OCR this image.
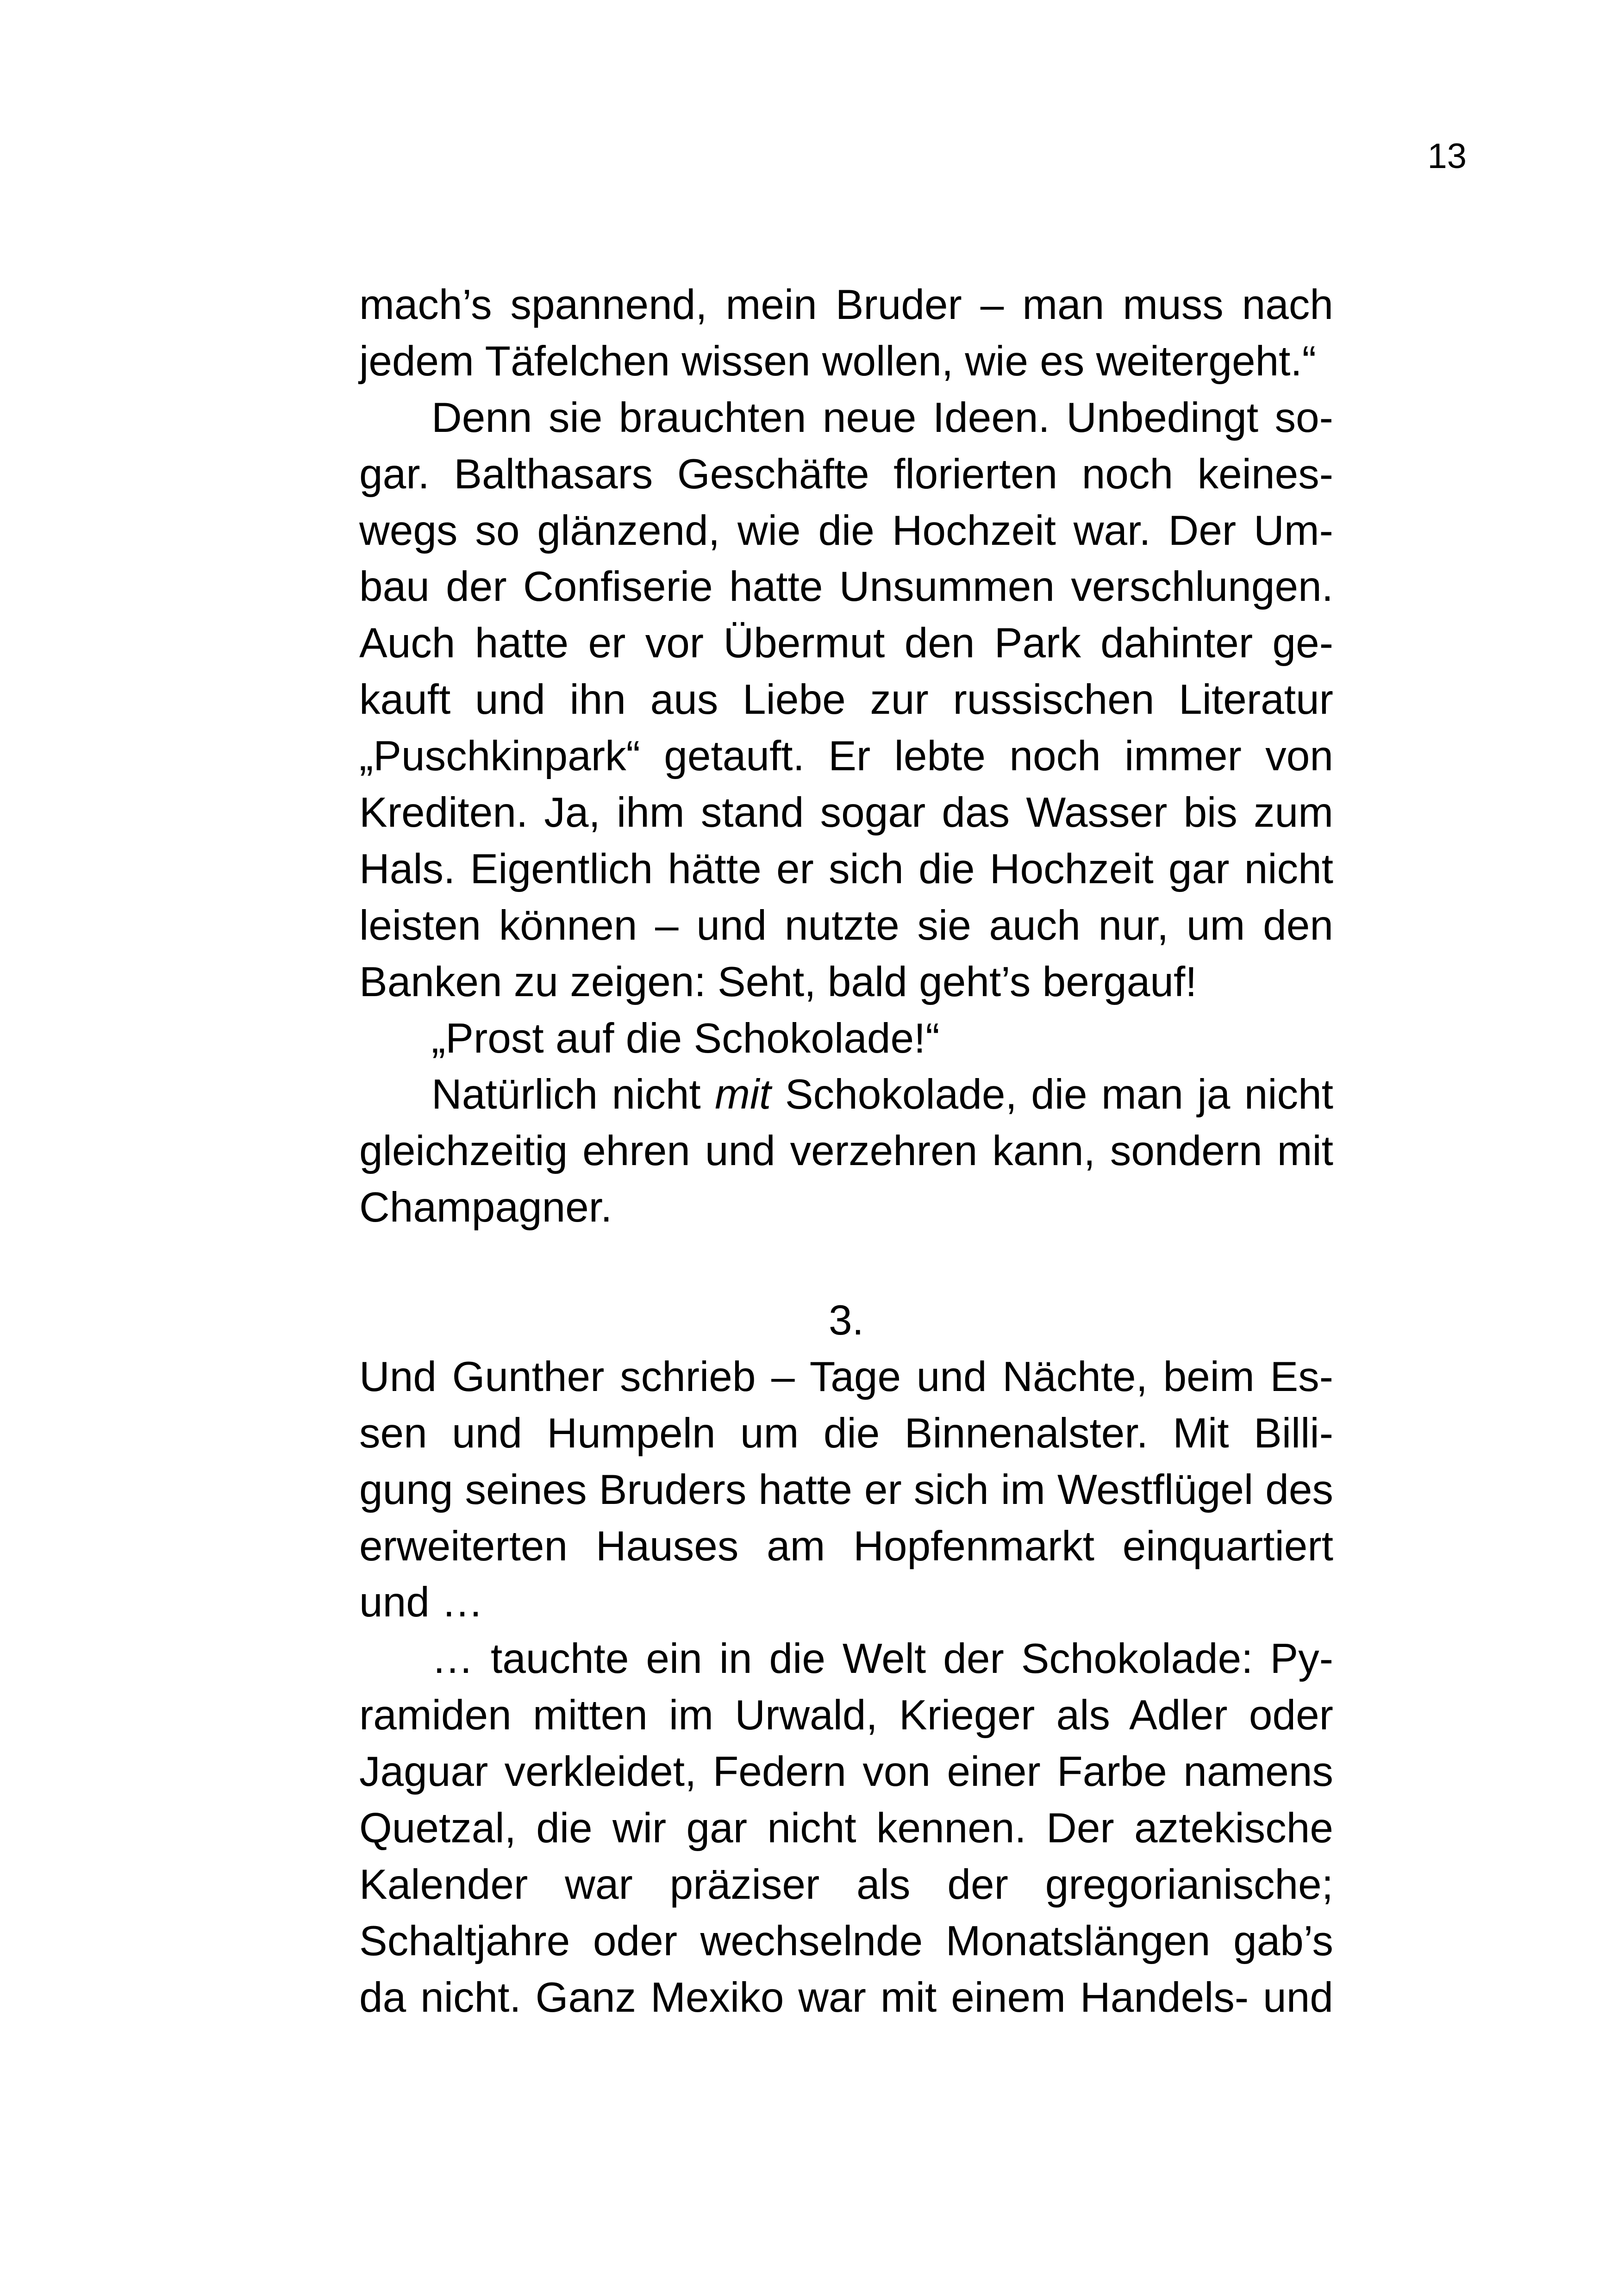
13
mach’s spannend, mein Bruder – man muss nach
jedem Täfelchen wissen wollen, wie es weitergeht.“
Denn sie brauchten neue Ideen. Unbedingt so-
gar. Balthasars Geschäfte florierten noch keines-
wegs so glänzend, wie die Hochzeit war. Der Um-
bau der Confiserie hatte Unsummen verschlungen.
Auch hatte er vor Übermut den Park dahinter ge-
kauft und ihn aus Liebe zur russischen Literatur
„Puschkinpark“ getauft. Er lebte noch immer von
Krediten. Ja, ihm stand sogar das Wasser bis zum
Hals. Eigentlich hätte er sich die Hochzeit gar nicht
leisten können – und nutzte sie auch nur, um den
Banken zu zeigen: Seht, bald geht’s bergauf!
„Prost auf die Schokolade!“
Natürlich nicht mit Schokolade, die man ja nicht
gleichzeitig ehren und verzehren kann, sondern mit
Champagner.
3.
Und Gunther schrieb – Tage und Nächte, beim Es-
sen und Humpeln um die Binnenalster. Mit Billi-
gung seines Bruders hatte er sich im Westflügel des
erweiterten Hauses am Hopfenmarkt einquartiert
und …
… tauchte ein in die Welt der Schokolade: Py-
ramiden mitten im Urwald, Krieger als Adler oder
Jaguar verkleidet, Federn von einer Farbe namens
Quetzal, die wir gar nicht kennen. Der aztekische
Kalender war präziser als der gregorianische;
Schaltjahre oder wechselnde Monatslängen gab’s
da nicht. Ganz Mexiko war mit einem Handels- und
